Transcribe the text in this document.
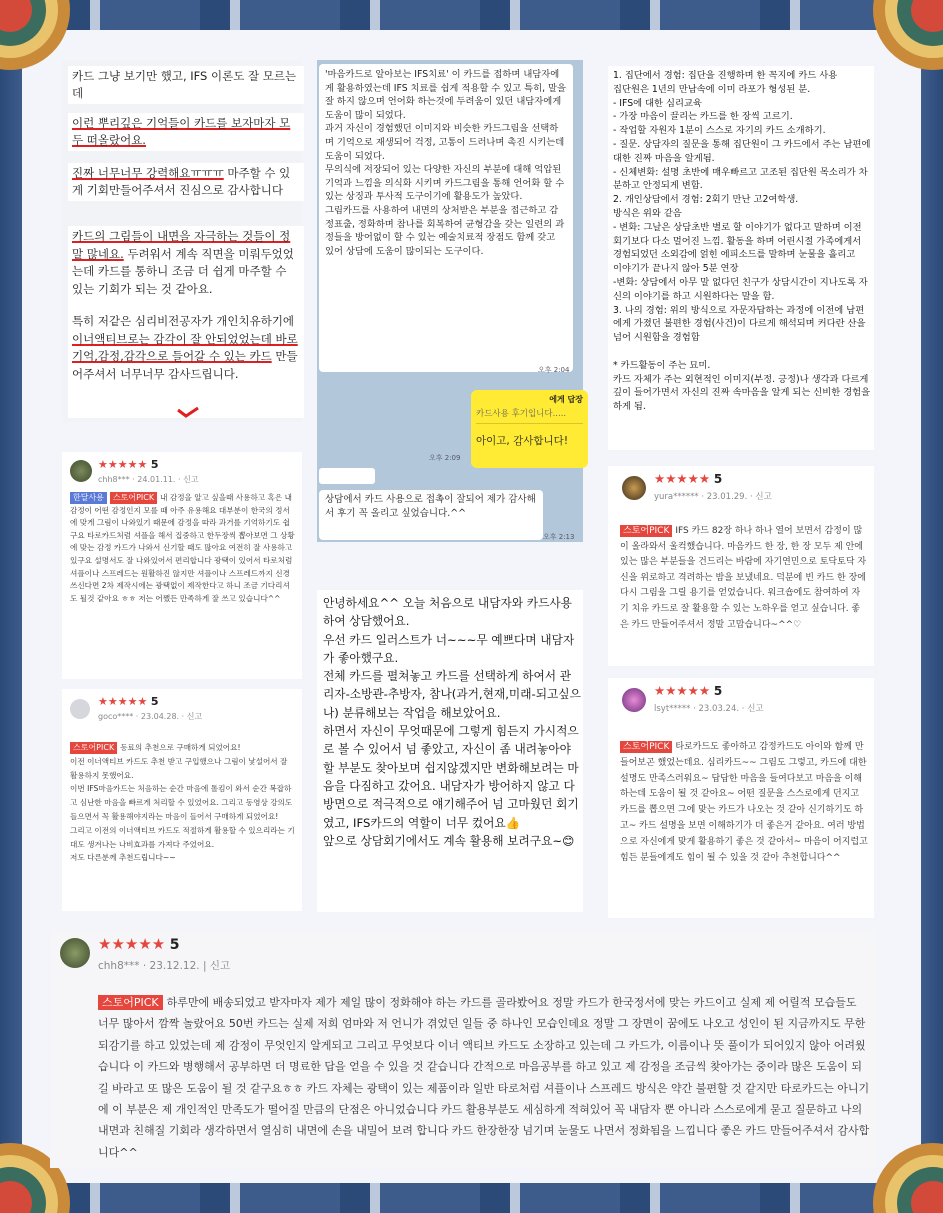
카드 그냥 보기만 했고, IFS 이론도 잘 모르는데
이런 뿌리깊은 기억들이 카드를 보자마자 모두 떠올랐어요.
진짜 너무너무 강력해요ㅠㅠㅠ 마주할 수 있게 기회만들어주셔서 진심으로 감사합니다

카드의 그림들이 내면을 자극하는 것들이 정말 많네요. 두려워서 계속 직면을 미뤄두었었는데 카드를 통하니 조금 더 쉽게 마주할 수 있는 기회가 되는 것 같아요.

특히 저같은 심리비전공자가 개인치유하기에 이너액티브로는 감각이 잘 안되었었는데 바로 기억,감정,감각으로 들어갈 수 있는 카드 만들어주셔서 너무너무 감사드립니다.

★★★★★ 5
chh8*** · 24.01.11. · 신고
한달사용 스토어PICK 내 감정을 알고 싶을때 사용하고 혹은 내 감정이 어떤 감정인지 모를 때 아주 유용해요 대부분이 한국의 정서에 맞게 그림이 나와있기 때문에 감정을 따라 과거를 기억하기도 쉽구요 타로카드처럼 셔플을 해서 집중하고 한두장씩 뽑아보면 그 상황에 맞는 감정 카드가 나와서 신기할 때도 많아요 여전히 잘 사용하고 있구요 설명서도 잘 나와있어서 편리합니다 광택이 있어서 타로처럼 셔플이나 스프레드는 원활하진 않지만 셔플이나 스프레드까지 신경쓰신다면 2차 제작시에는 광택없이 제작한다고 하니 조금 기다리셔도 될것 같아요 ㅎㅎ 저는 어쨌든 만족하게 잘 쓰고 있습니다^^
★★★★★ 5
goco**** · 23.04.28. · 신고

스토어PICK 동료의 추천으로 구매하게 되었어요!

이전 이너액티브 카드도 추천 받고 구입했으나 그림이 낯설어서 잘 활용하지 못했어요.

이번 IFS마음카드는 처음하는 순간 마음에 톨킴이 와서 순간 복잡하고 심난한 마음을 빠르게 처리할 수 있었어요. 그리고 동영상 강의도 들으면서 꼭 활용해야지라는 마음이 들어서 구매하게 되었어요!

그리고 이전의 이너액티브 카드도 적절하게 활용할 수 있으리라는 기대도 생겨나는 나비효과를 가져다 주었어요.

저도 다른분께 추천드립니다~~

'마음카드로 알아보는 IFS치료' 이 카드를 접하며 내담자에게 활용하였는데 IFS 치료를 쉽게 적용할 수 있고 특히, 말을 잘 하지 않으며 언어화 하는것에 두려움이 있던 내담자에게 도움이 많이 되었다.
과거 자신이 경험했던 이미지와 비슷한 카드그림을 선택하며 기억으로 재생되어 걱정, 고통이 드러나며 촉진 시키는데 도움이 되었다.
무의식에 저장되어 있는 다양한 자신의 부분에 대해 억압된 기억과 느낌을 의식화 시키며 카드그림을 통해 언어화 할 수 있는 상징과 투사적 도구이기에 활용도가 높았다.
그림카드를 사용하여 내면의 상처받은 부분을 접근하고 감정표출, 정화하며 참나를 회복하여 균형감을 갖는 일련의 과정들을 방어없이 할 수 있는 예술치료적 장점도 함께 갖고 있어 상담에 도움이 많이되는 도구이다.
오후 2:04
에게 답장
카드사용 후기입니다.....
아이고, 감사합니다!
오후 2:09
상담에서 카드 사용으로 접촉이 잘되어 제가 감사해서 후기 꼭 올리고 싶었습니다.^^
오후 2:13
안녕하세요^^ 오늘 처음으로 내담자와 카드사용하여 상담했어요.
우선 카드 일러스트가 너~~~무 예쁘다며 내담자가 좋아했구요.
전체 카드를 펼쳐놓고 카드를 선택하게 하여서 관리자-소방관-추방자, 참나(과거,현재,미래-되고싶으나) 분류해보는 작업을 해보았어요.
하면서 자신이 무엇때문에 그렇게 힘든지 가시적으로 볼 수 있어서 넘 좋았고, 자신이 좀 내려놓아야 할 부분도 찾아보며 쉽지않겠지만 변화해보려는 마음을 다짐하고 갔어요. 내담자가 방어하지 않고 다방면으로 적극적으로 얘기해주어 넘 고마웠던 회기였고, IFS카드의 역할이 너무 컸어요👍
앞으로 상담회기에서도 계속 활용해 보려구요~😊
1. 집단에서 경험: 집단을 진행하며 한 꼭지에 카드 사용
집단원은 1년의 만남속에 이미 라포가 형성된 분.
- IFS에 대한 심리교육
- 가장 마음이 끌리는 카드를 한 장씩 고르기.
- 작업할 자원자 1분이 스스로 자기의 카드 소개하기.
- 질문. 상담자의 질문을 통해 집단원이 그 카드에서 주는 남편에 대한 진짜 마음을 알게됨.
- 신체변화: 설명 초반에 매우빠르고 고조된 집단원 목소리가 차분하고 안정되게 변함.
2. 개인상담에서 경험: 2회기 만난 고2여학생.
방식은 위와 같음
- 변화: 그날은 상담초반 별로 할 이야기가 없다고 말하며 이전 회기보다 다소 멀어진 느낌. 활동을 하며 어린시절 가족에게서 경험되었던 소외감에 얽힌 에피소드를 말하며 눈물을 흘리고
이야기가 끝나지 않아 5분 연장
-변화: 상담에서 아무 말 없다던 친구가 상담시간이 지나도록 자신의 이야기를 하고 시원하다는 말을 함.
3. 나의 경험: 위의 방식으로 자문자답하는 과정에 이전에 남편에게 가졌던 불편한 경험(사건)이 다르게 해석되며 커다란 산을 넘어 시원함을 경험함

* 카드활동이 주는 묘미.
카드 자체가 주는 외현적인 이미지(부정. 긍정)나 생각과 다르게 깊이 들어가면서 자신의 진짜 속마음을 알게 되는 신비한 경험을 하게 됨.
★★★★★ 5
yura****** · 23.01.29. · 신고
스토어PICK IFS 카드 82장 하나 하나 열어 보면서 감정이 많이 올라와서 울컥했습니다. 마음카드 한 장, 한 장 모두 제 안에 있는 많은 부분들을 건드리는 바람에 자기연민으로 토닥토닥 자신을 위로하고 격려하는 밤을 보냈네요. 덕분에 빈 카드 한 장에 다시 그림을 그릴 용기를 얻었습니다. 워크숍에도 참여하여 자기 치유 카드로 잘 활용할 수 있는 노하우를 얻고 싶습니다. 좋은 카드 만들어주셔서 정말 고맙습니다~^^♡
★★★★★ 5
lsyt***** · 23.03.24. · 신고
스토어PICK 타로카드도 좋아하고 감정카드도 아이와 함께 만들어보곤 했었는데요. 심리카드~~ 그림도 그렇고, 카드에 대한 설명도 만족스러워요~ 답답한 마음을 들여다보고 마음을 이해하는데 도움이 될 것 같아요~ 어떤 질문을 스스로에게 던지고 카드를 뽑으면 그에 맞는 카드가 나오는 것 같아 신기하기도 하고~ 카드 설명을 보면 이해하기가 더 좋은거 같아요. 여러 방법으로 자신에게 맞게 활용하기 좋은 것 같아서~ 마음이 어지럽고 힘든 분들에게도 힘이 될 수 있을 것 같아 추천합니다^^
★★★★★ 5
chh8*** · 23.12.12. | 신고
스토어PICK 하루만에 배송되었고 받자마자 제가 제일 많이 정화해야 하는 카드를 골라봤어요 정말 카드가 한국정서에 맞는 카드이고 실제 제 어릴적 모습들도 너무 많아서 깜짝 놀랐어요 50번 카드는 실제 저희 엄마와 저 언니가 겪었던 일들 중 하나인 모습인데요 정말 그 장면이 꿈에도 나오고 성인이 된 지금까지도 무한 되감기를 하고 있었는데 제 감정이 무엇인지 알게되고 그리고 무엇보다 이너 액티브 카드도 소장하고 있는데 그 카드가, 이름이나 뜻 풀이가 되어있지 않아 어려웠습니다 이 카드와 병행해서 공부하면 더 명료한 답을 얻을 수 있을 것 같습니다 간적으로 마음공부를 하고 있고 제 감정을 조금씩 찾아가는 중이라 많은 도움이 되길 바라고 또 많은 도움이 될 것 같구요ㅎㅎ 카드 자체는 광택이 있는 제품이라 일반 타로처럼 셔플이나 스프레드 방식은 약간 불편할 것 같지만 타로카드는 아니기에 이 부분은 제 개인적인 만족도가 떨어질 만큼의 단점은 아니었습니다 카드 활용부분도 세심하게 적혀있어 꼭 내담자 뿐 아니라 스스로에게 묻고 질문하고 나의 내면과 친해질 기회라 생각하면서 열심히 내면에 손을 내밀어 보려 합니다 카드 한장한장 넘기며 눈물도 나면서 정화됨을 느낍니다 좋은 카드 만들어주셔서 감사합니다^^
